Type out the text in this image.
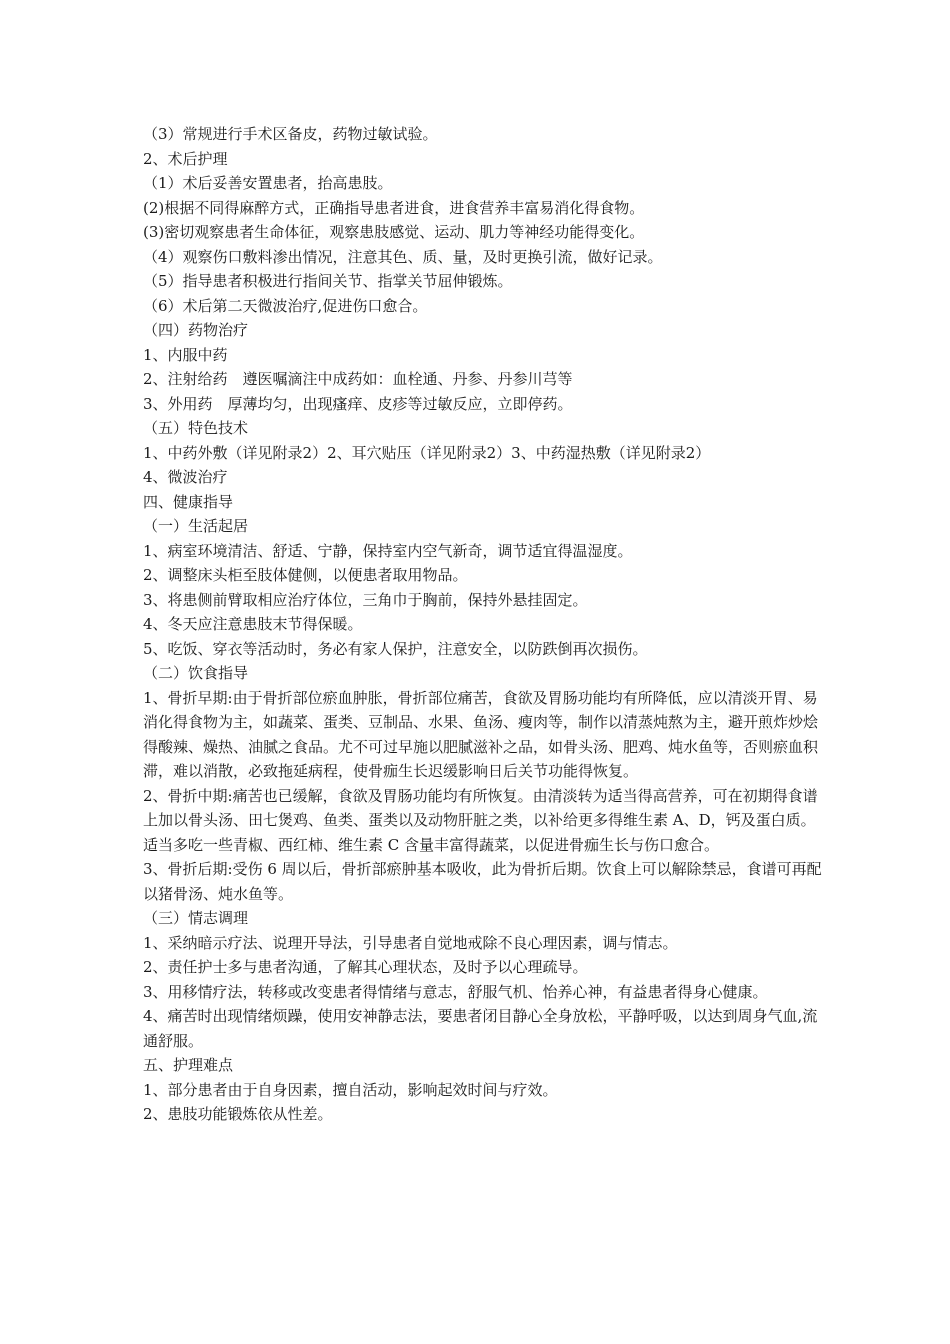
（3）常规进行手术区备皮，药物过敏试验。

2、术后护理

（1）术后妥善安置患者，抬高患肢。

(2)根据不同得麻醉方式，正确指导患者进食，进食营养丰富易消化得食物。

(3)密切观察患者生命体征，观察患肢感觉、运动、肌力等神经功能得变化。

（4）观察伤口敷料渗出情况，注意其色、质、量，及时更换引流，做好记录。

（5）指导患者积极进行指间关节、指掌关节屈伸锻炼。

（6）术后第二天微波治疗,促进伤口愈合。

（四）药物治疗

1、内服中药

2、注射给药　遵医嘱滴注中成药如：血栓通、丹参、丹参川芎等

3、外用药　厚薄均匀，出现瘙痒、皮疹等过敏反应，立即停药。

（五）特色技术

1、中药外敷（详见附录2）2、耳穴贴压（详见附录2）3、中药湿热敷（详见附录2）

4、微波治疗

四、健康指导

（一）生活起居

1、病室环境清洁、舒适、宁静，保持室内空气新奇，调节适宜得温湿度。

2、调整床头柜至肢体健侧，以便患者取用物品。

3、将患侧前臂取相应治疗体位，三角巾于胸前，保持外悬挂固定。

4、冬天应注意患肢末节得保暖。

5、吃饭、穿衣等活动时，务必有家人保护，注意安全，以防跌倒再次损伤。

（二）饮食指导

1、骨折早期:由于骨折部位瘀血肿胀，骨折部位痛苦，食欲及胃肠功能均有所降低，应以清淡开胃、易消化得食物为主，如蔬菜、蛋类、豆制品、水果、鱼汤、瘦肉等，制作以清蒸炖熬为主，避开煎炸炒烩得酸辣、燥热、油腻之食品。尤不可过早施以肥腻滋补之品，如骨头汤、肥鸡、炖水鱼等，否则瘀血积滞，难以消散，必致拖延病程，使骨痂生长迟缓影响日后关节功能得恢复。

2、骨折中期:痛苦也已缓解，食欲及胃肠功能均有所恢复。由清淡转为适当得高营养，可在初期得食谱上加以骨头汤、田七煲鸡、鱼类、蛋类以及动物肝脏之类，以补给更多得维生素 A、D，钙及蛋白质。适当多吃一些青椒、西红柿、维生素 C 含量丰富得蔬菜，以促进骨痂生长与伤口愈合。

3、骨折后期:受伤 6 周以后，骨折部瘀肿基本吸收，此为骨折后期。饮食上可以解除禁忌，食谱可再配以猪骨汤、炖水鱼等。

（三）情志调理

1、采纳暗示疗法、说理开导法，引导患者自觉地戒除不良心理因素，调与情志。

2、责任护士多与患者沟通，了解其心理状态，及时予以心理疏导。

3、用移情疗法，转移或改变患者得情绪与意志，舒服气机、怡养心神，有益患者得身心健康。

4、痛苦时出现情绪烦躁，使用安神静志法，要患者闭目静心全身放松，平静呼吸，以达到周身气血,流通舒服。

五、护理难点

1、部分患者由于自身因素，擅自活动，影响起效时间与疗效。

2、患肢功能锻炼依从性差。
